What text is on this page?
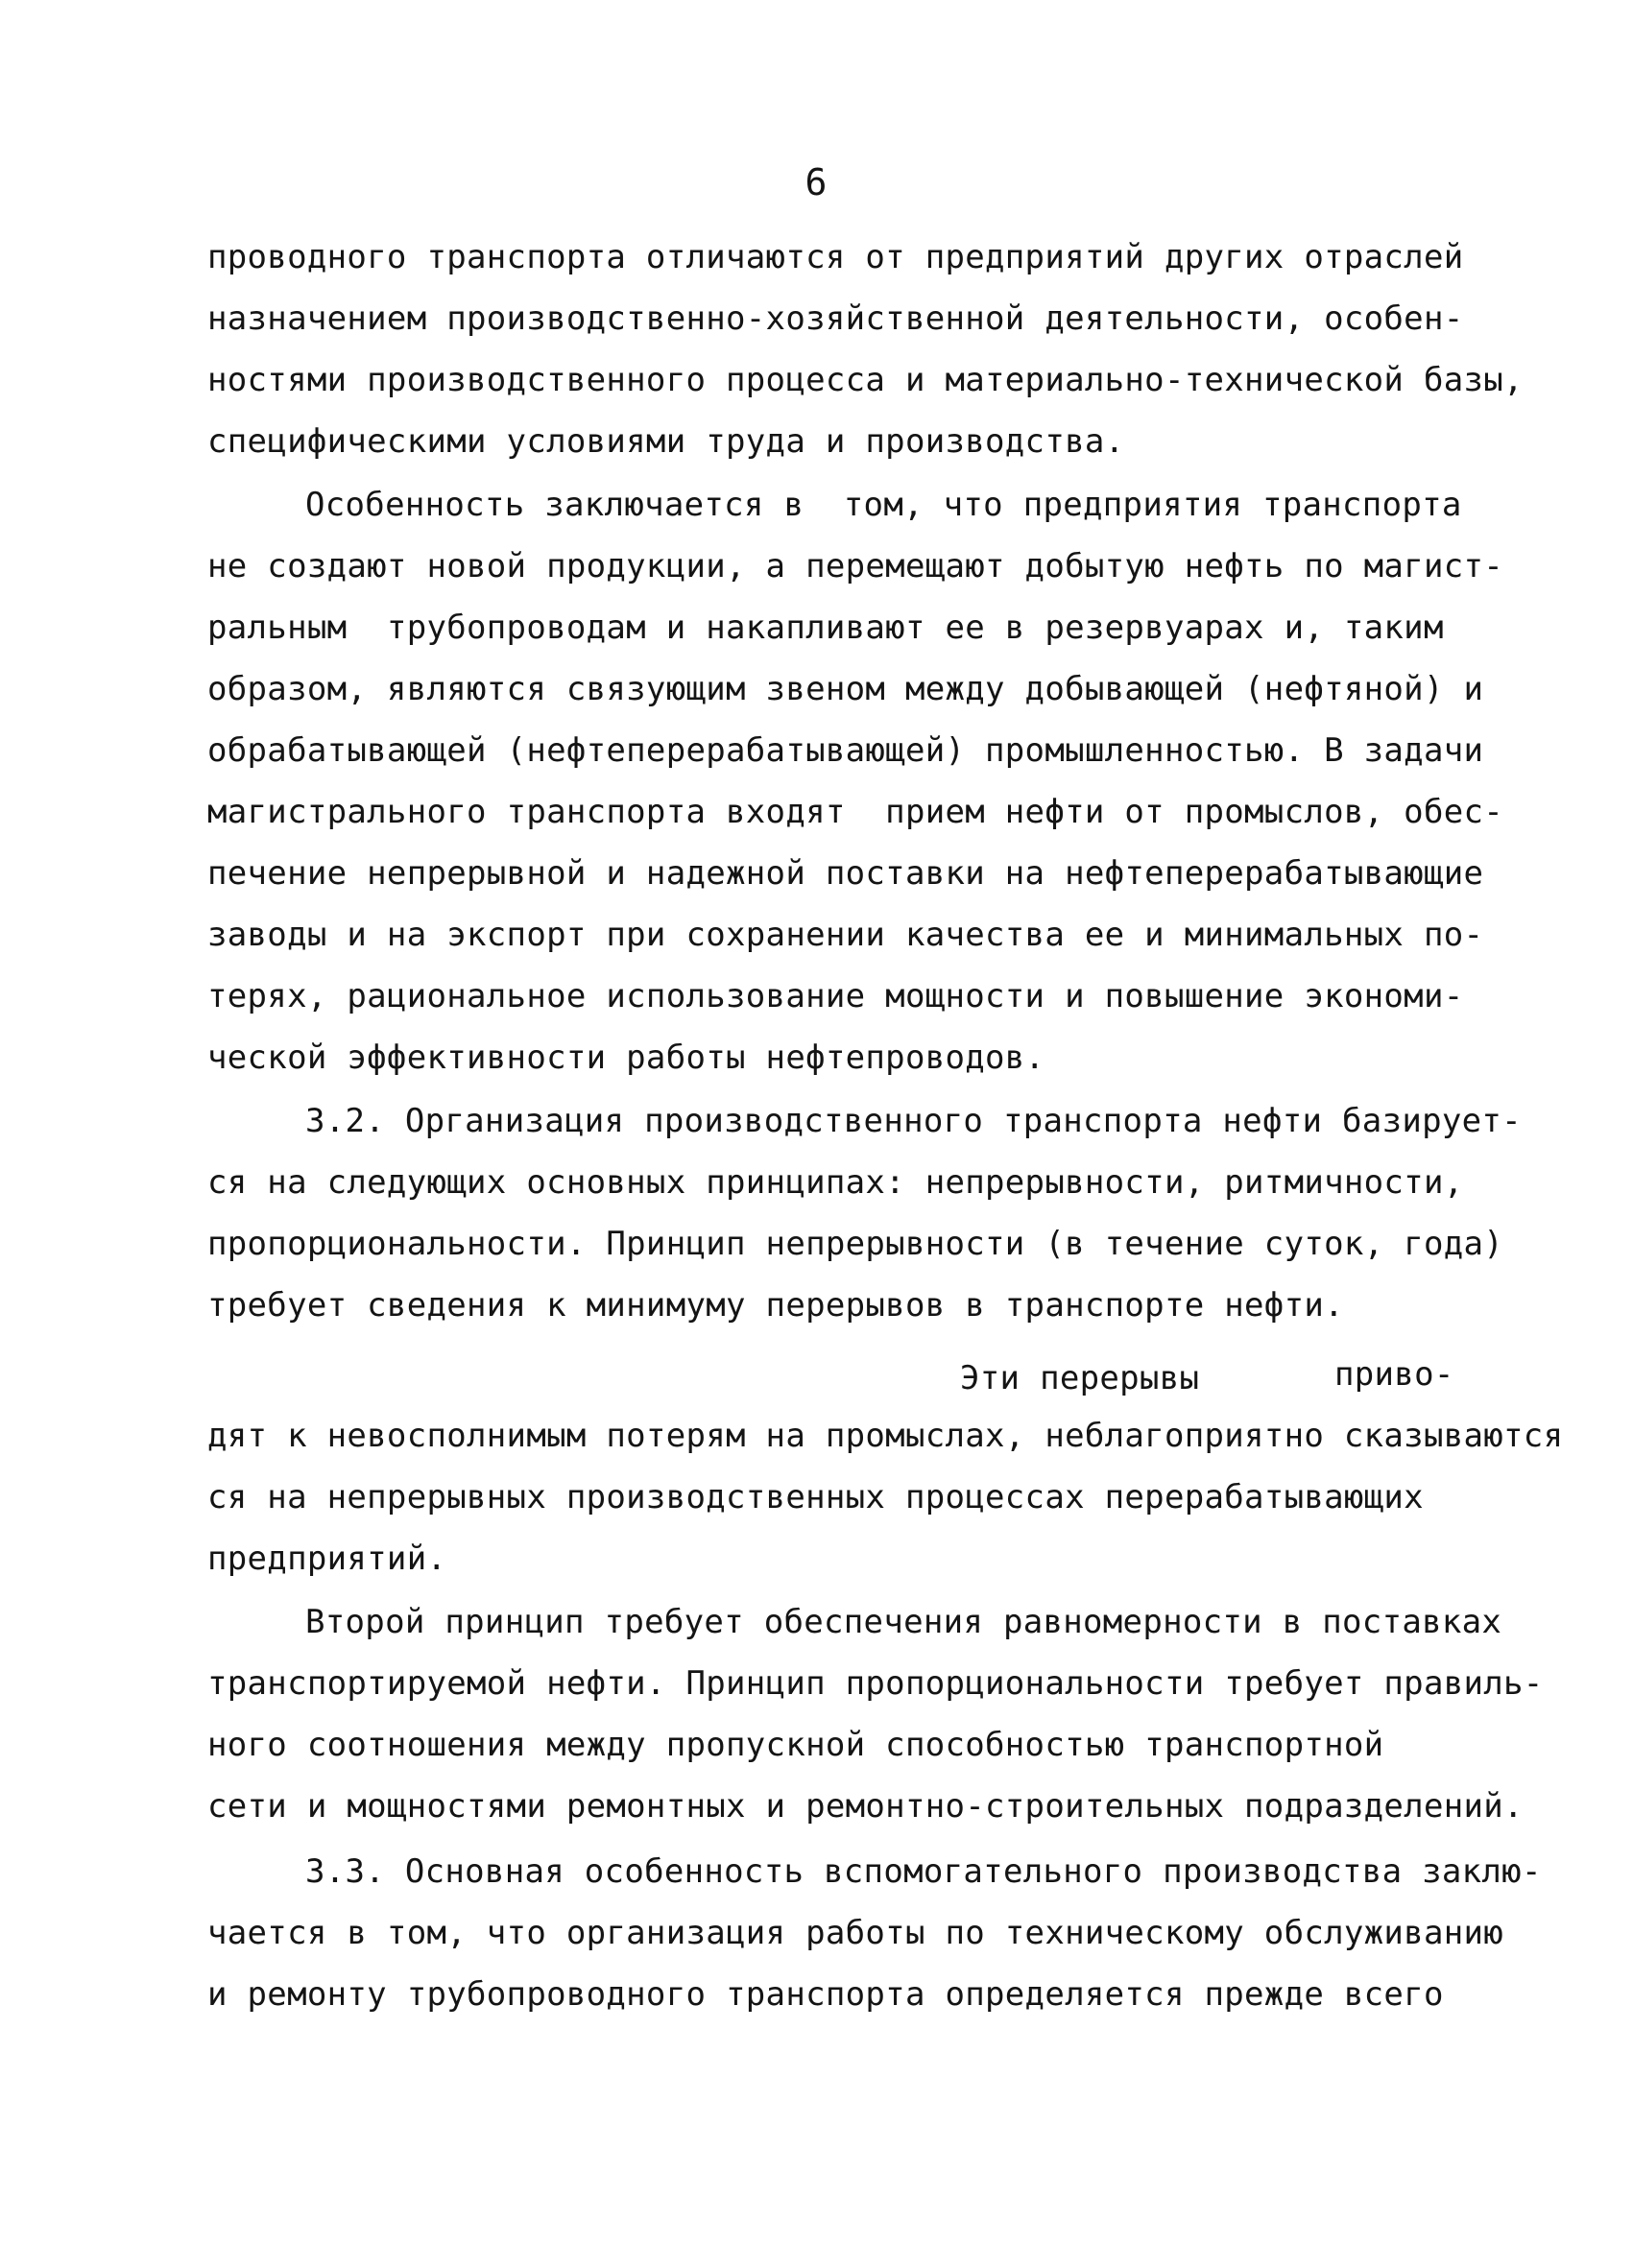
6
проводного транспорта отличаются от предприятий других отраслей
назначением производственно-хозяйственной деятельности, особен-
ностями производственного процесса и материально-технической базы,
специфическими условиями труда и производства.
Особенность заключается в  том, что предприятия транспорта
не создают новой продукции, а перемещают добытую нефть по магист-
ральным  трубопроводам и накапливают ее в резервуарах и, таким
образом, являются связующим звеном между добывающей (нефтяной) и
обрабатывающей (нефтеперерабатывающей) промышленностью. В задачи
магистрального транспорта входят  прием нефти от промыслов, обес-
печение непрерывной и надежной поставки на нефтеперерабатывающие
заводы и на экспорт при сохранении качества ее и минимальных по-
терях, рациональное использование мощности и повышение экономи-
ческой эффективности работы нефтепроводов.
3.2. Организация производственного транспорта нефти базирует-
ся на следующих основных принципах: непрерывности, ритмичности,
пропорциональности. Принцип непрерывности (в течение суток, года)
требует сведения к минимуму перерывов в транспорте нефти.
Эти перерывы	приво-
дят к невосполнимым потерям на промыслах, неблагоприятно сказываются
ся на непрерывных производственных процессах перерабатывающих
предприятий.
Второй принцип требует обеспечения равномерности в поставках
транспортируемой нефти. Принцип пропорциональности требует правиль-
ного соотношения между пропускной способностью транспортной
сети и мощностями ремонтных и ремонтно-строительных подразделений.
3.3. Основная особенность вспомогательного производства заклю-
чается в том, что организация работы по техническому обслуживанию
и ремонту трубопроводного транспорта определяется прежде всего
